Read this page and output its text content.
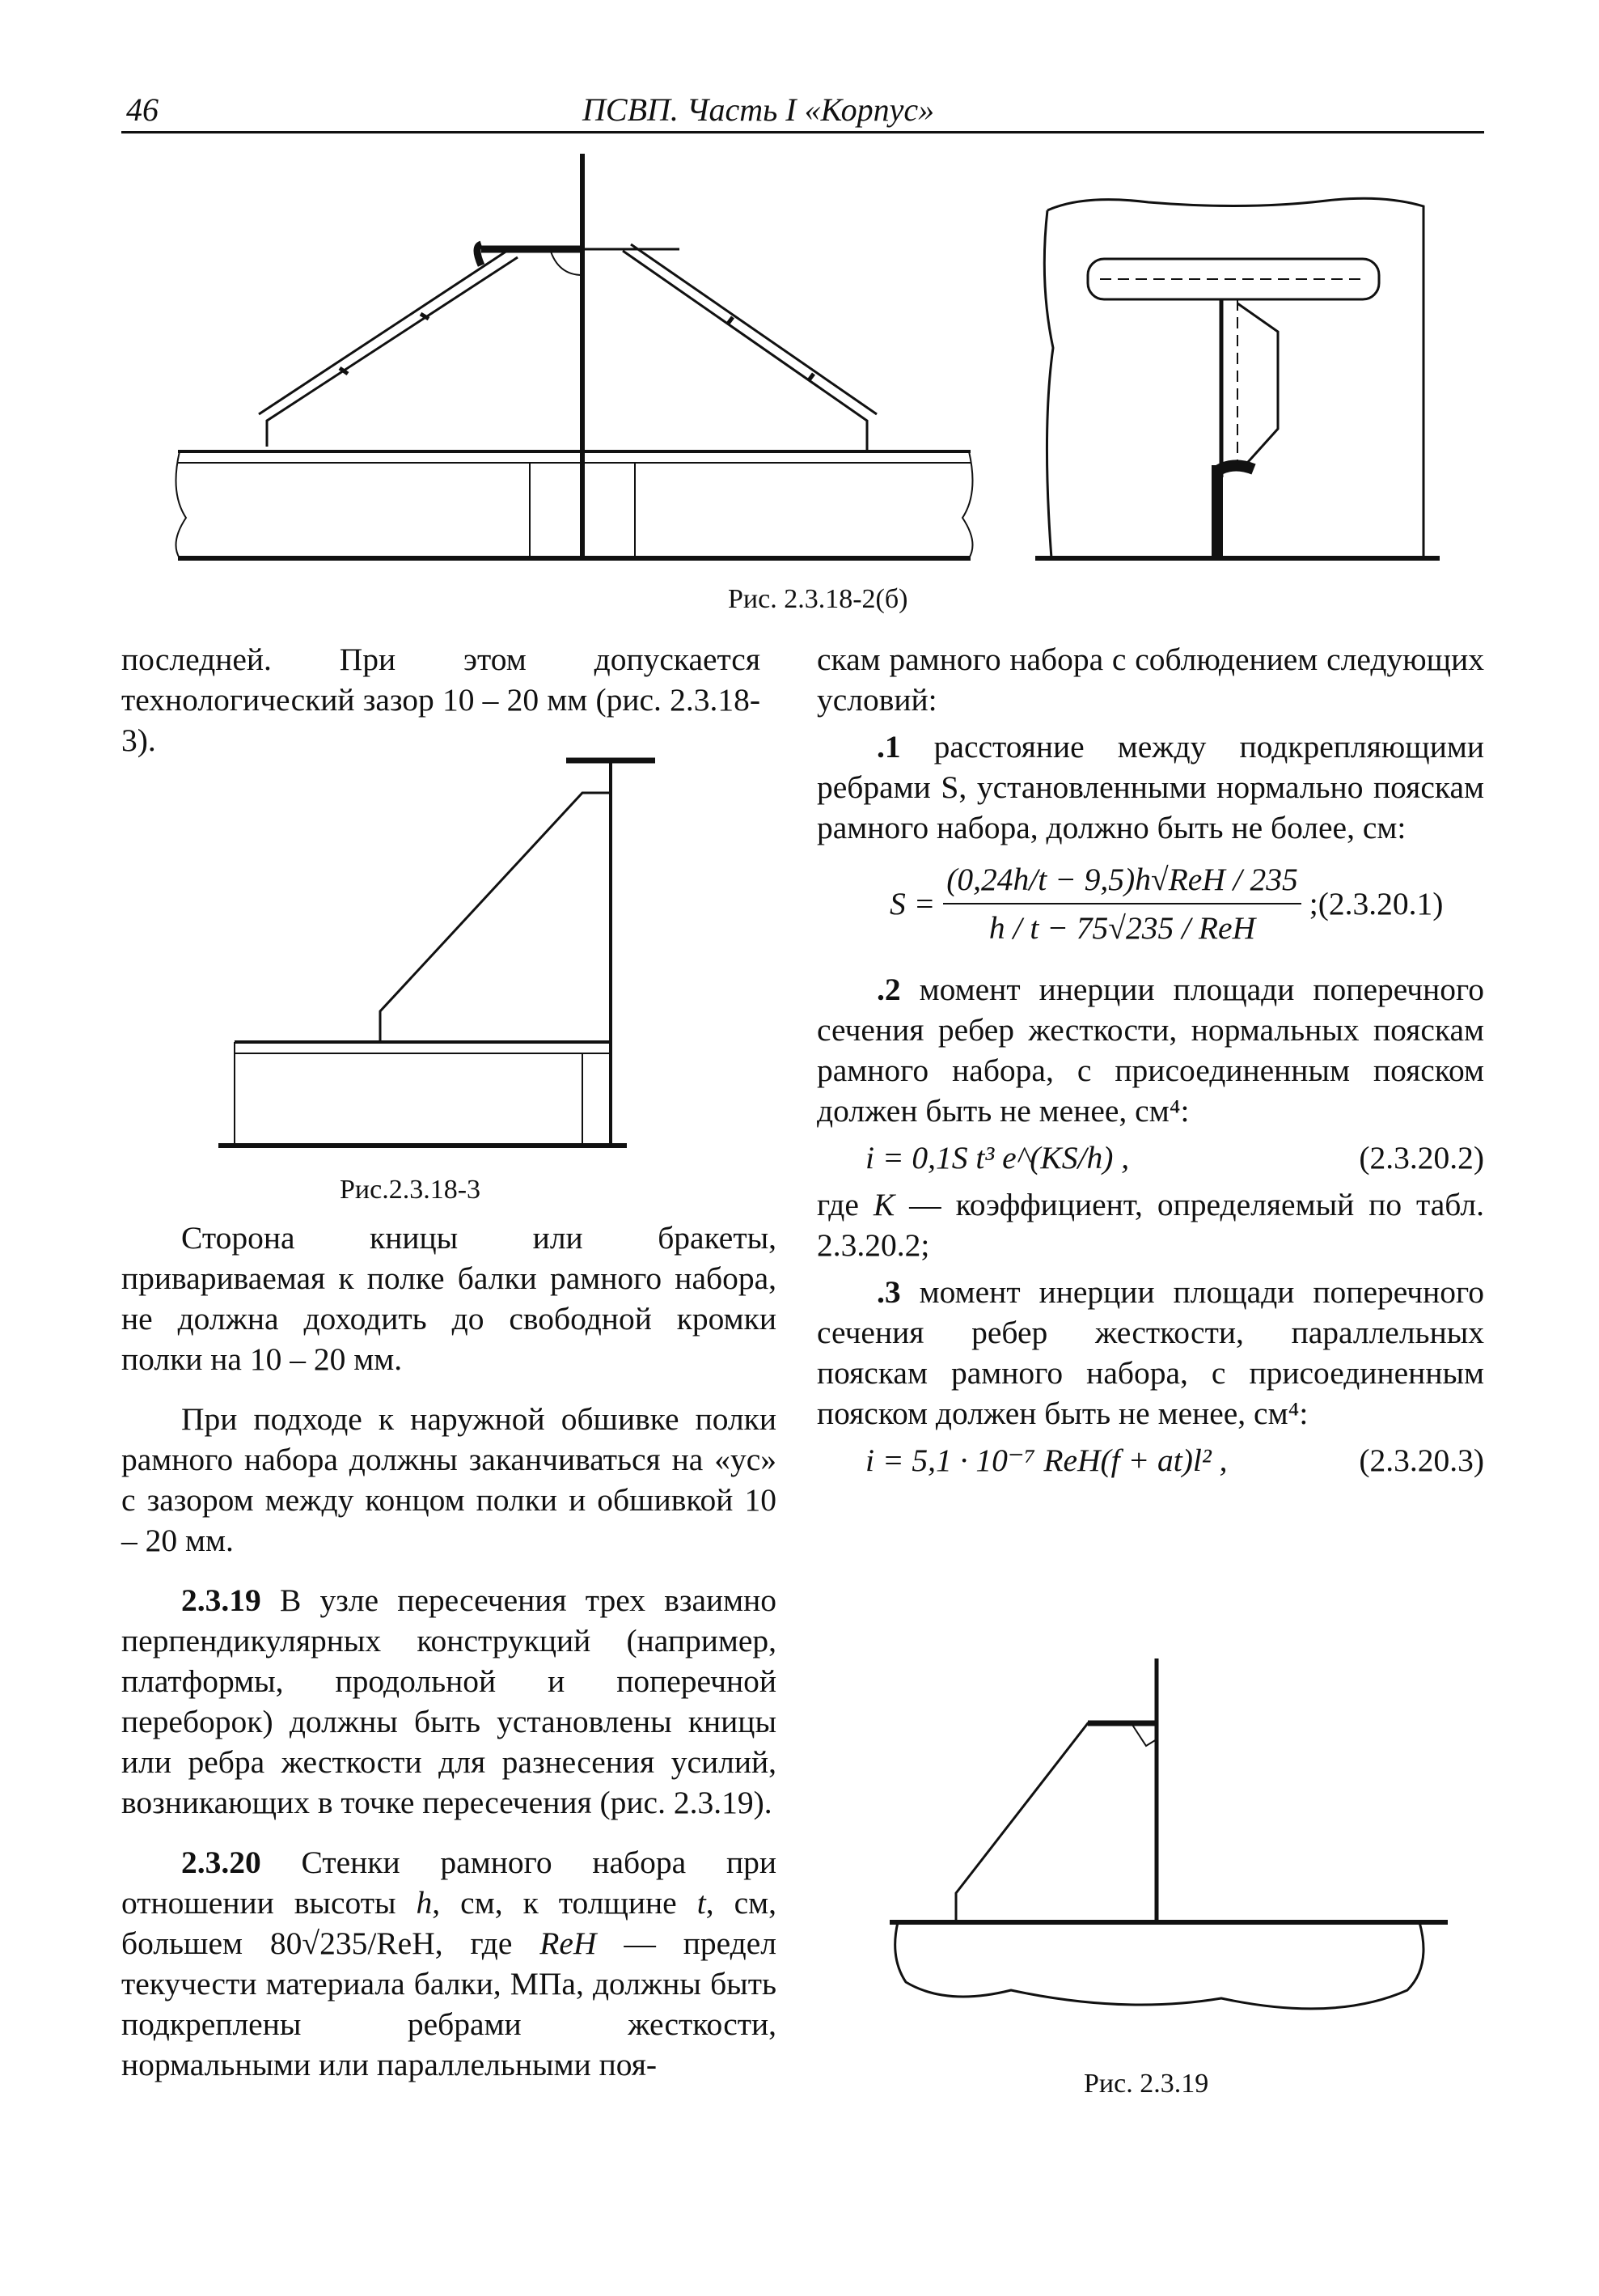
46	ПСВП. Часть I «Корпус»
Рис. 2.3.18-2(б)

последней. При этом допускается технологический зазор 10 – 20 мм (рис. 2.3.18-3).

Рис.2.3.18-3

Сторона кницы или бракеты, привариваемая к полке балки рамного набора, не должна доходить до свободной кромки полки на 10 – 20 мм.

При подходе к наружной обшивке полки рамного набора должны заканчиваться на «ус» с зазором между концом полки и обшивкой 10 – 20 мм.

2.3.19 В узле пересечения трех взаимно перпендикулярных конструкций (например, платформы, продольной и поперечной переборок) должны быть установлены кницы или ребра жесткости для разнесения усилий, возникающих в точке пересечения (рис. 2.3.19).

2.3.20 Стенки рамного набора при отношении высоты h, см, к толщине t, см, большем 80√235/ReH, где ReH — предел текучести материала балки, МПа, должны быть подкреплены ребрами жесткости, нормальными или параллельными поя-

скам рамного набора с соблюдением следующих условий:

.1 расстояние между подкрепляющими ребрами S, установленными нормально пояскам рамного набора, должно быть не более, см:

$S = \frac{\text{(0,24h/t − 9,5)h√ReH / 235}}{\text{h / t − 75√235 / ReH}}$ ;(2.3.20.1)

.2 момент инерции площади поперечного сечения ребер жесткости, нормальных пояскам рамного набора, с присоединенным пояском должен быть не менее, см⁴:

i = 0,1S t³ e^(KS/h) ,	(2.3.20.2)

где K — коэффициент, определяемый по табл. 2.3.20.2;

.3 момент инерции площади поперечного сечения ребер жесткости, параллельных пояскам рамного набора, с присоединенным пояском должен быть не менее, см⁴:

i = 5,1 · 10⁻⁷ ReH(f + at)l² ,	(2.3.20.3)
Рис. 2.3.19
